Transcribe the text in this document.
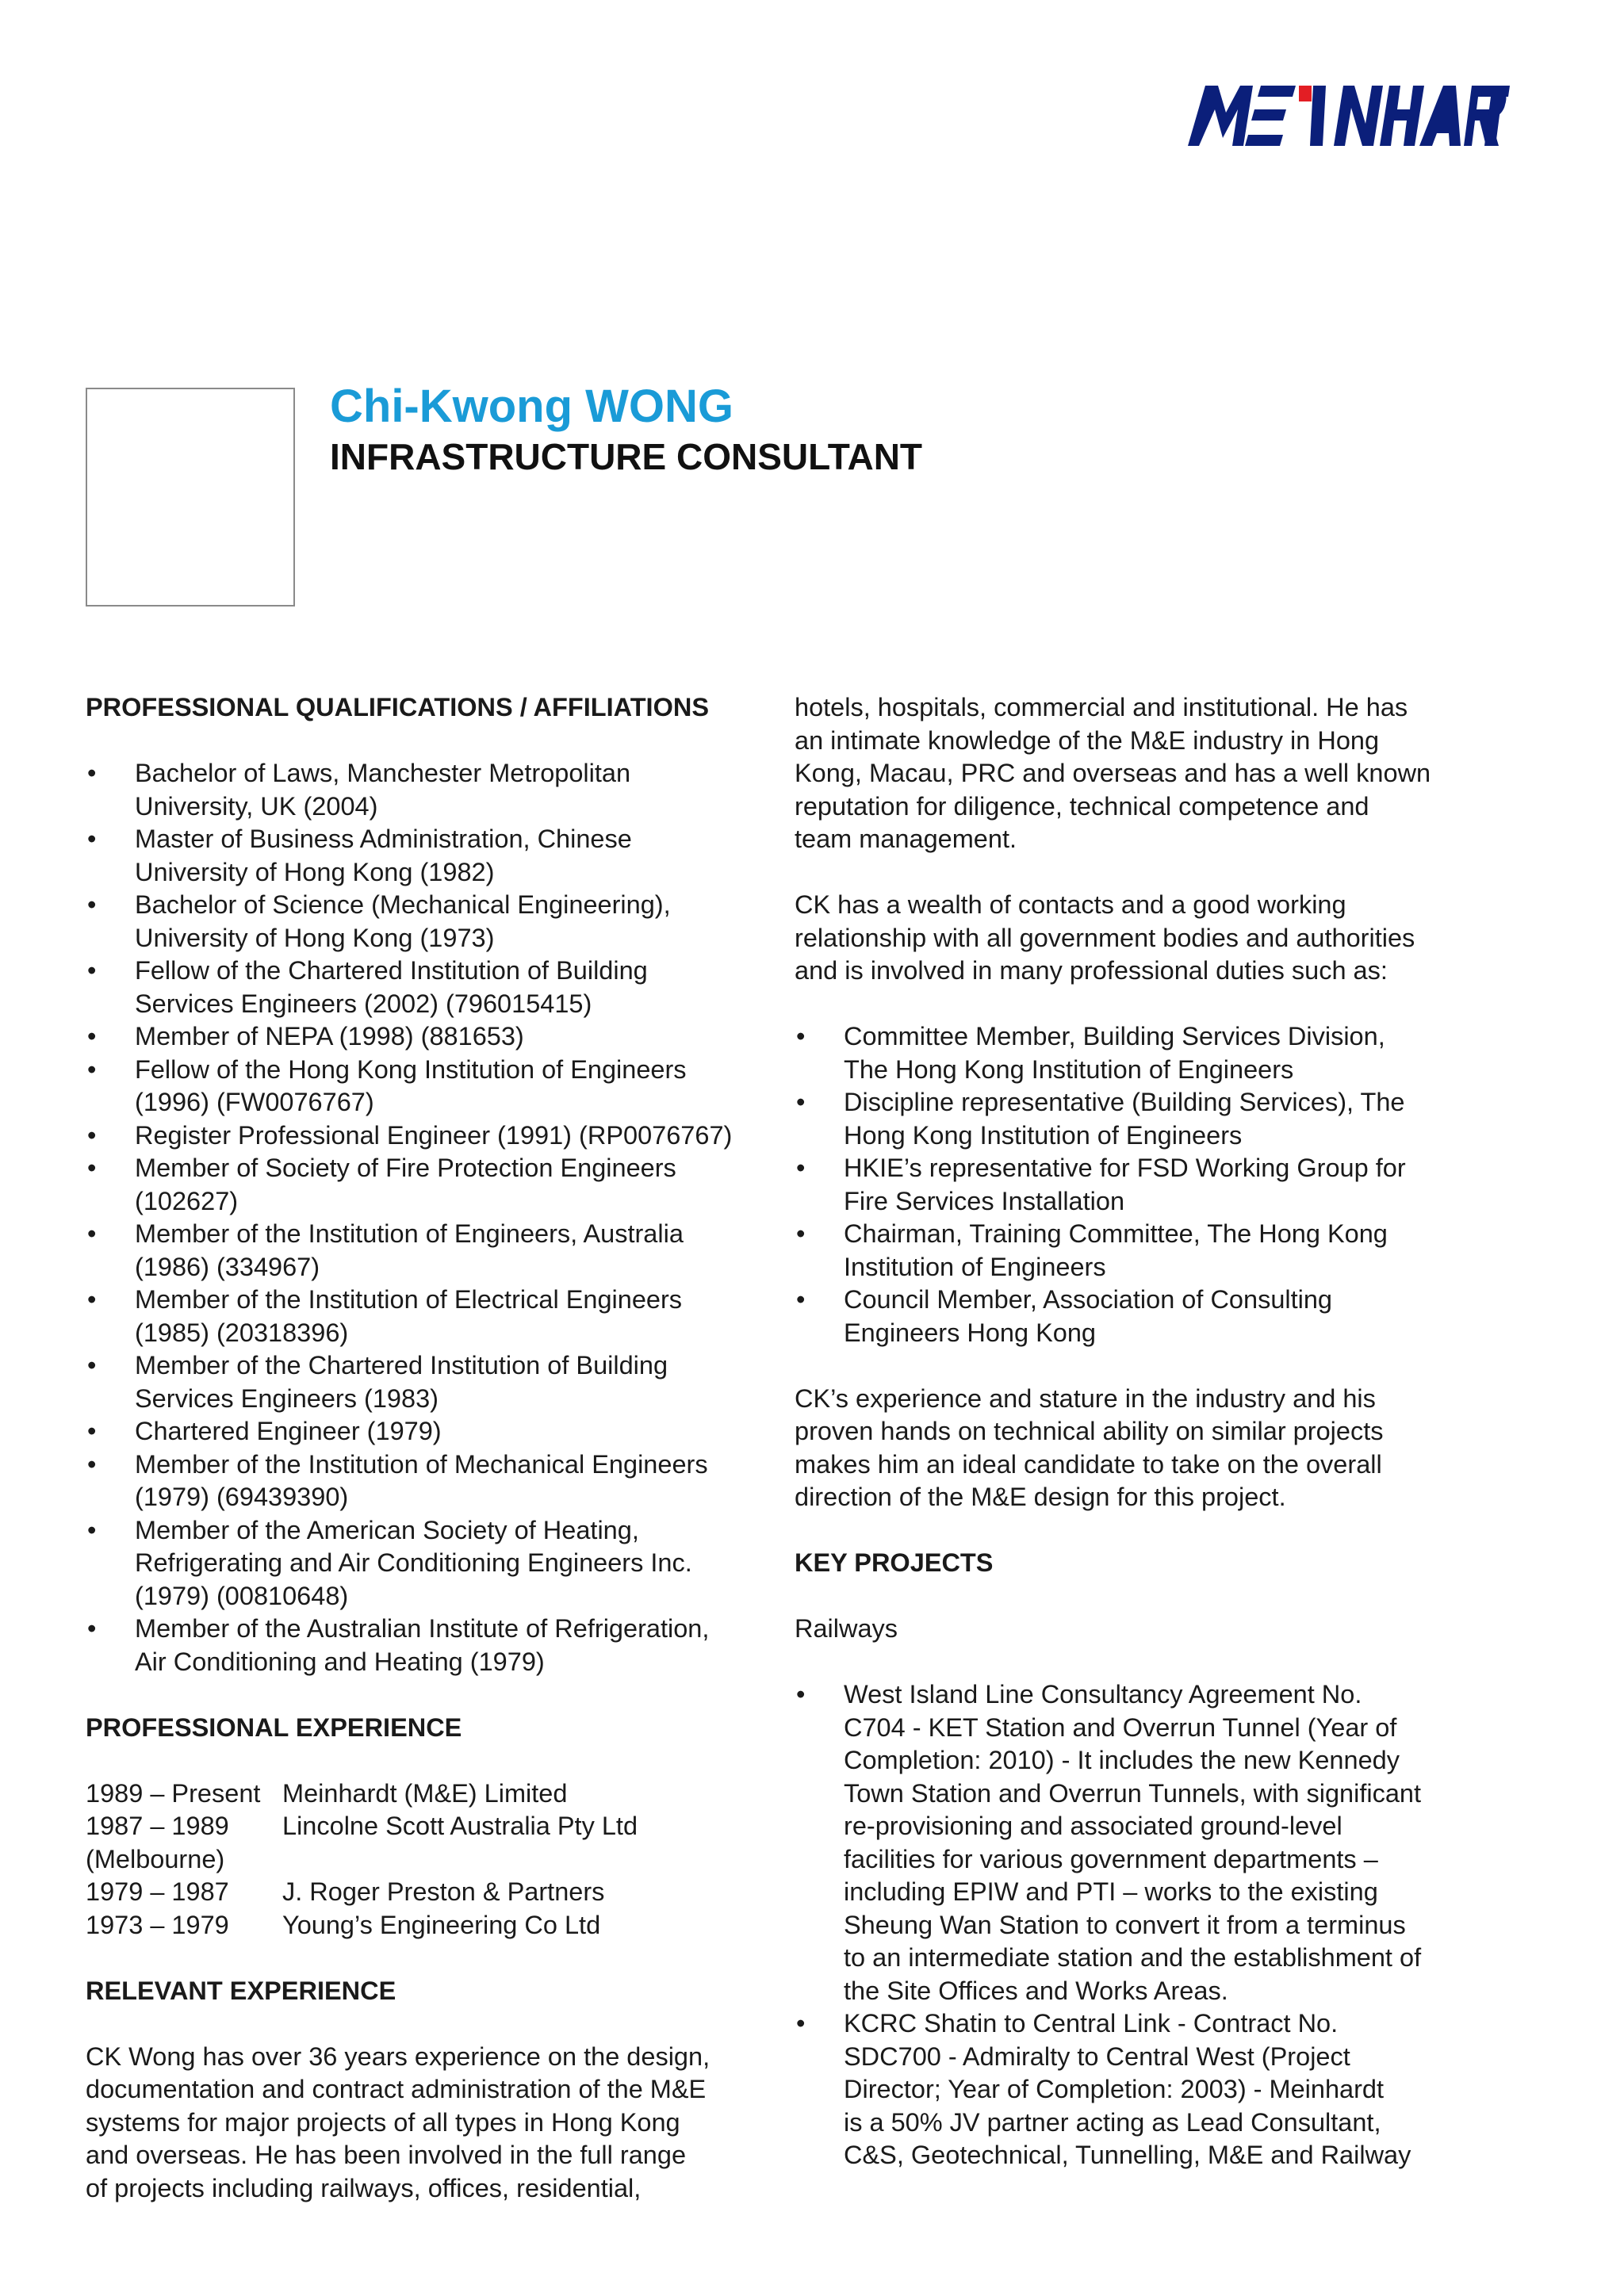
Chi-Kwong WONG
INFRASTRUCTURE CONSULTANT
PROFESSIONAL QUALIFICATIONS / AFFILIATIONS
• Bachelor of Laws, Manchester Metropolitan
University, UK (2004)
• Master of Business Administration, Chinese
University of Hong Kong (1982)
• Bachelor of Science (Mechanical Engineering),
University of Hong Kong (1973)
• Fellow of the Chartered Institution of Building
Services Engineers (2002) (796015415)
• Member of NEPA (1998) (881653)
• Fellow of the Hong Kong Institution of Engineers
(1996) (FW0076767)
• Register Professional Engineer (1991) (RP0076767)
• Member of Society of Fire Protection Engineers
(102627)
• Member of the Institution of Engineers, Australia
(1986) (334967)
• Member of the Institution of Electrical Engineers
(1985) (20318396)
• Member of the Chartered Institution of Building
Services Engineers (1983)
• Chartered Engineer (1979)
• Member of the Institution of Mechanical Engineers
(1979) (69439390)
• Member of the American Society of Heating,
Refrigerating and Air Conditioning Engineers Inc.
(1979) (00810648)
• Member of the Australian Institute of Refrigeration,
Air Conditioning and Heating (1979)
PROFESSIONAL EXPERIENCE
1989 – Present Meinhardt (M&E) Limited
1987 – 1989	Lincolne Scott Australia Pty Ltd
(Melbourne)
1979 – 1987	J. Roger Preston & Partners
1973 – 1979	Young’s Engineering Co Ltd
RELEVANT EXPERIENCE
CK Wong has over 36 years experience on the design,
documentation and contract administration of the M&E
systems for major projects of all types in Hong Kong
and overseas. He has been involved in the full range
of projects including railways, offices, residential,
hotels, hospitals, commercial and institutional. He has
an intimate knowledge of the M&E industry in Hong
Kong, Macau, PRC and overseas and has a well known
reputation for diligence, technical competence and
team management.
CK has a wealth of contacts and a good working
relationship with all government bodies and authorities
and is involved in many professional duties such as:
• Committee Member, Building Services Division,
The Hong Kong Institution of Engineers
• Discipline representative (Building Services), The
Hong Kong Institution of Engineers
• HKIE’s representative for FSD Working Group for
Fire Services Installation
• Chairman, Training Committee, The Hong Kong
Institution of Engineers
• Council Member, Association of Consulting
Engineers Hong Kong
CK’s experience and stature in the industry and his
proven hands on technical ability on similar projects
makes him an ideal candidate to take on the overall
direction of the M&E design for this project.
KEY PROJECTS
Railways
• West Island Line Consultancy Agreement No.
C704 - KET Station and Overrun Tunnel (Year of
Completion: 2010) - It includes the new Kennedy
Town Station and Overrun Tunnels, with significant
re-provisioning and associated ground-level
facilities for various government departments –
including EPIW and PTI – works to the existing
Sheung Wan Station to convert it from a terminus
to an intermediate station and the establishment of
the Site Offices and Works Areas.
• KCRC Shatin to Central Link - Contract No.
SDC700 - Admiralty to Central West (Project
Director; Year of Completion: 2003) - Meinhardt
is a 50% JV partner acting as Lead Consultant,
C&S, Geotechnical, Tunnelling, M&E and Railway
